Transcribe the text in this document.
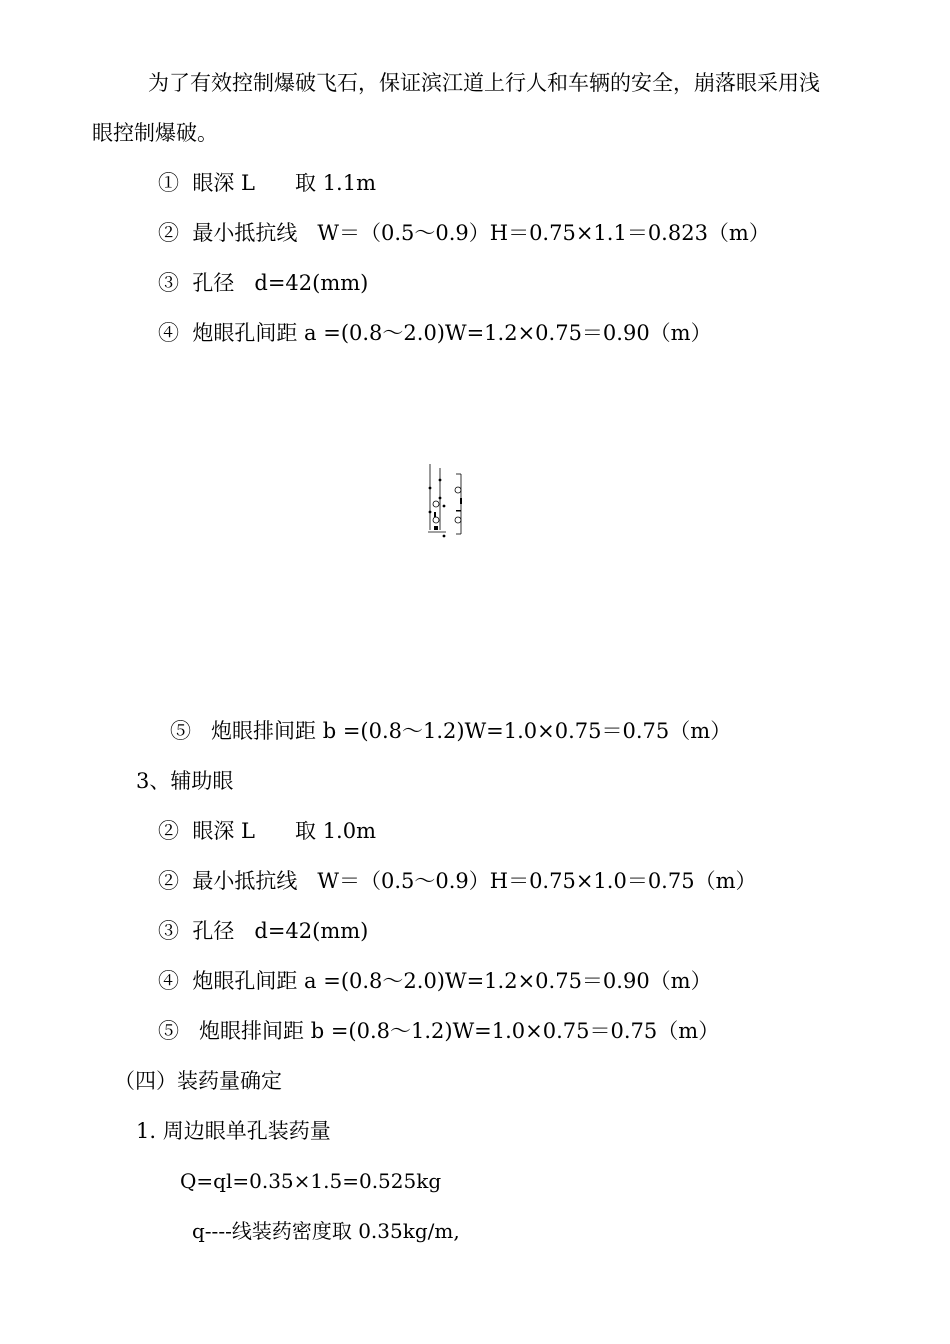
为了有效控制爆破飞石，保证滨江道上行人和车辆的安全，崩落眼采用浅
眼控制爆破。
①  眼深 L      取 1.1m
②  最小抵抗线   W＝（0.5～0.9）H＝0.75×1.1＝0.823（m）
③  孔径   d=42(mm)
④  炮眼孔间距 a =(0.8～2.0)W=1.2×0.75＝0.90（m）
⑤   炮眼排间距 b =(0.8～1.2)W=1.0×0.75＝0.75（m）
3、辅助眼
②  眼深 L      取 1.0m
②  最小抵抗线   W＝（0.5～0.9）H＝0.75×1.0＝0.75（m）
③  孔径   d=42(mm)
④  炮眼孔间距 a =(0.8～2.0)W=1.2×0.75＝0.90（m）
⑤   炮眼排间距 b =(0.8～1.2)W=1.0×0.75＝0.75（m）
（四）装药量确定
1. 周边眼单孔装药量
Q=ql=0.35×1.5=0.525kg
q----线装药密度取 0.35kg/m,
